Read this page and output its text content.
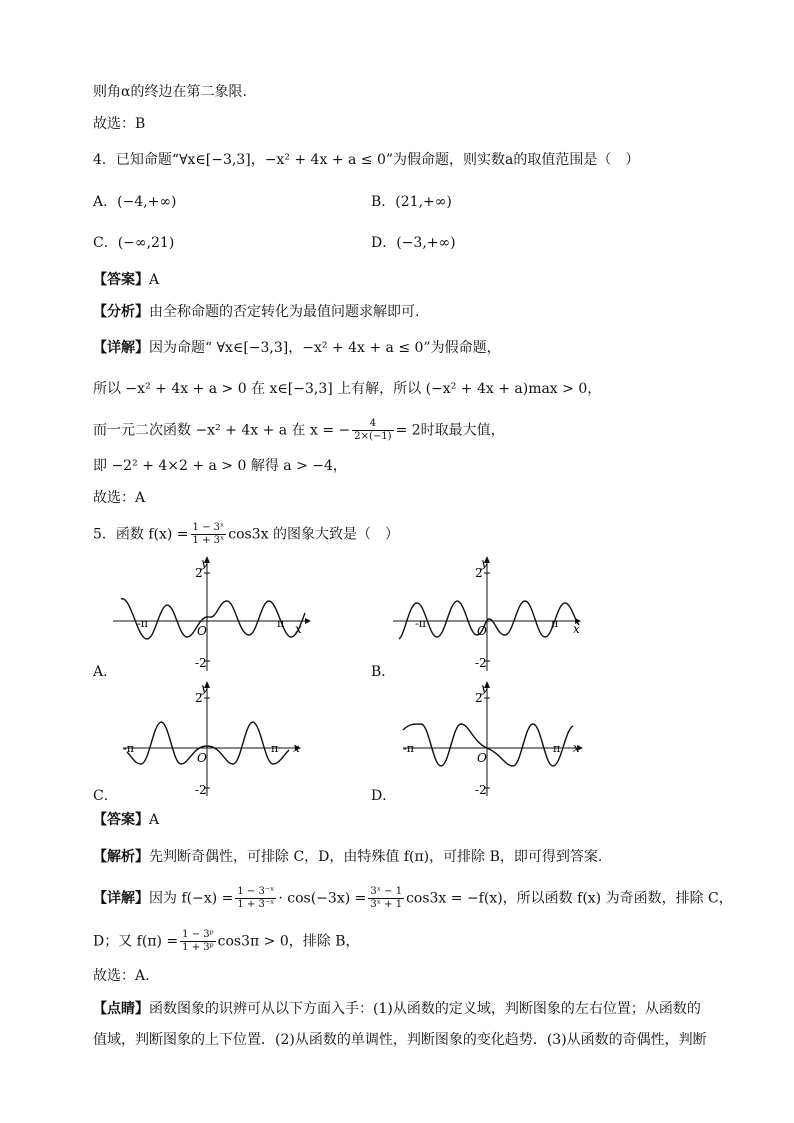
则角α的终边在第二象限.
故选：B
4．已知命题“∀x∈[−3,3]，−x² + 4x + a ≤ 0”为假命题，则实数a的取值范围是（　）
A．(−4,+∞)	B．(21,+∞)
C．(−∞,21)	D．(−3,+∞)
【答案】A
【分析】由全称命题的否定转化为最值问题求解即可.
【详解】因为命题“ ∀x∈[−3,3]，−x² + 4x + a ≤ 0”为假命题，
所以 −x² + 4x + a > 0 在 x∈[−3,3] 上有解，所以 (−x² + 4x + a)max > 0，
而一元二次函数 −x² + 4x + a 在 x = − $\frac{4}{2\times(-1)} = 2$时取最大值，
即 −2² + 4×2 + a > 0 解得 a > −4，
故选：A
5．函数 $f(x) = \frac{\text{1 − 3ˣ}}{\text{1 + 3ˣ}} \cos 3x$ 的图象大致是（　）
y
2
-2
O
-π	π x
A．
y
2
-2
O
-π	π x
B．
y
2
-2
O
-π	π x
C．
y
2
-2
O
-π	π x
D．
【答案】A
【解析】先判断奇偶性，可排除 C，D，由特殊值 f(π)，可排除 B，即可得到答案.
【详解】因为 $f(-x) = \frac{\text{1 − 3⁻ˣ}}{\text{1 + 3⁻ˣ}} \cdot \cos(-3x) = \frac{\text{3ˣ − 1}}{\text{3ˣ + 1}} \cos 3x = -f(x)$，所以函数 f(x) 为奇函数，排除 C，
D；又 $f(\pi) = \frac{\text{1 − 3ᵖ}}{\text{1 + 3ᵖ}} \cos 3\pi > 0$，排除 B，
故选：A.
【点睛】函数图象的识辨可从以下方面入手：(1)从函数的定义域，判断图象的左右位置；从函数的
值域，判断图象的上下位置．(2)从函数的单调性，判断图象的变化趋势．(3)从函数的奇偶性，判断
